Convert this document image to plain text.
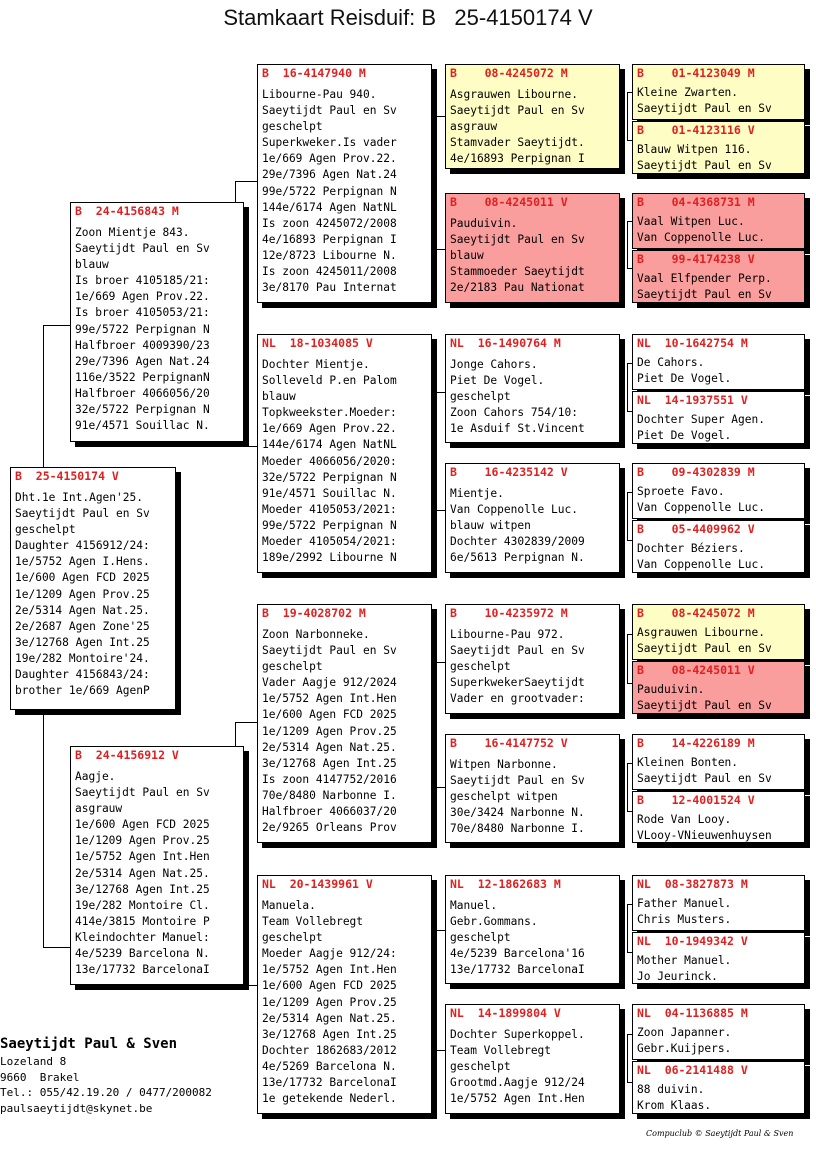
Stamkaart Reisduif: B   25-4150174 V
B  25-4150174 V
Dht.1e Int.Agen'25.
Saeytijdt Paul en Sv
geschelpt
Daughter 4156912/24:
1e/5752 Agen I.Hens.
1e/600 Agen FCD 2025
1e/1209 Agen Prov.25
2e/5314 Agen Nat.25.
2e/2687 Agen Zone'25
3e/12768 Agen Int.25
19e/282 Montoire'24.
Daughter 4156843/24:
brother 1e/669 AgenP
B  24-4156843 M
Zoon Mientje 843.
Saeytijdt Paul en Sv
blauw
Is broer 4105185/21:
1e/669 Agen Prov.22.
Is broer 4105053/21:
99e/5722 Perpignan N
Halfbroer 4009390/23
29e/7396 Agen Nat.24
116e/3522 PerpignanN
Halfbroer 4066056/20
32e/5722 Perpignan N
91e/4571 Souillac N.
B  24-4156912 V
Aagje.
Saeytijdt Paul en Sv
asgrauw
1e/600 Agen FCD 2025
1e/1209 Agen Prov.25
1e/5752 Agen Int.Hen
2e/5314 Agen Nat.25.
3e/12768 Agen Int.25
19e/282 Montoire Cl.
414e/3815 Montoire P
Kleindochter Manuel:
4e/5239 Barcelona N.
13e/17732 BarcelonaI
B  16-4147940 M
Libourne-Pau 940.
Saeytijdt Paul en Sv
geschelpt
Superkweker.Is vader
1e/669 Agen Prov.22.
29e/7396 Agen Nat.24
99e/5722 Perpignan N
144e/6174 Agen NatNL
Is zoon 4245072/2008
4e/16893 Perpignan I
12e/8723 Libourne N.
Is zoon 4245011/2008
3e/8170 Pau Internat
NL  18-1034085 V
Dochter Mientje.
Solleveld P.en Palom
blauw
Topkweekster.Moeder:
1e/669 Agen Prov.22.
144e/6174 Agen NatNL
Moeder 4066056/2020:
32e/5722 Perpignan N
91e/4571 Souillac N.
Moeder 4105053/2021:
99e/5722 Perpignan N
Moeder 4105054/2021:
189e/2992 Libourne N
B  19-4028702 M
Zoon Narbonneke.
Saeytijdt Paul en Sv
geschelpt
Vader Aagje 912/2024
1e/5752 Agen Int.Hen
1e/600 Agen FCD 2025
1e/1209 Agen Prov.25
2e/5314 Agen Nat.25.
3e/12768 Agen Int.25
Is zoon 4147752/2016
70e/8480 Narbonne I.
Halfbroer 4066037/20
2e/9265 Orleans Prov
NL  20-1439961 V
Manuela.
Team Vollebregt
geschelpt
Moeder Aagje 912/24:
1e/5752 Agen Int.Hen
1e/600 Agen FCD 2025
1e/1209 Agen Prov.25
2e/5314 Agen Nat.25.
3e/12768 Agen Int.25
Dochter 1862683/2012
4e/5269 Barcelona N.
13e/17732 BarcelonaI
1e getekende Nederl.
B    08-4245072 M
Asgrauwen Libourne.
Saeytijdt Paul en Sv
asgrauw
Stamvader Saeytijdt.
4e/16893 Perpignan I
B    08-4245011 V
Pauduivin.
Saeytijdt Paul en Sv
blauw
Stammoeder Saeytijdt
2e/2183 Pau Nationat
NL  16-1490764 M
Jonge Cahors.
Piet De Vogel.
geschelpt
Zoon Cahors 754/10:
1e Asduif St.Vincent
B    16-4235142 V
Mientje.
Van Coppenolle Luc.
blauw witpen
Dochter 4302839/2009
6e/5613 Perpignan N.
B    10-4235972 M
Libourne-Pau 972.
Saeytijdt Paul en Sv
geschelpt
SuperkwekerSaeytijdt
Vader en grootvader:
B    16-4147752 V
Witpen Narbonne.
Saeytijdt Paul en Sv
geschelpt witpen
30e/3424 Narbonne N.
70e/8480 Narbonne I.
NL  12-1862683 M
Manuel.
Gebr.Gommans.
geschelpt
4e/5239 Barcelona'16
13e/17732 BarcelonaI
NL  14-1899804 V
Dochter Superkoppel.
Team Vollebregt
geschelpt
Grootmd.Aagje 912/24
1e/5752 Agen Int.Hen
B    01-4123049 M
Kleine Zwarten.
Saeytijdt Paul en Sv
B    01-4123116 V
Blauw Witpen 116.
Saeytijdt Paul en Sv
B    04-4368731 M
Vaal Witpen Luc.
Van Coppenolle Luc.
B    99-4174238 V
Vaal Elfpender Perp.
Saeytijdt Paul en Sv
NL  10-1642754 M
De Cahors.
Piet De Vogel.
NL  14-1937551 V
Dochter Super Agen.
Piet De Vogel.
B    09-4302839 M
Sproete Favo.
Van Coppenolle Luc.
B    05-4409962 V
Dochter Béziers.
Van Coppenolle Luc.
B    08-4245072 M
Asgrauwen Libourne.
Saeytijdt Paul en Sv
B    08-4245011 V
Pauduivin.
Saeytijdt Paul en Sv
B    14-4226189 M
Kleinen Bonten.
Saeytijdt Paul en Sv
B    12-4001524 V
Rode Van Looy.
VLooy-VNieuwenhuysen
NL  08-3827873 M
Father Manuel.
Chris Musters.
NL  10-1949342 V
Mother Manuel.
Jo Jeurinck.
NL  04-1136885 M
Zoon Japanner.
Gebr.Kuijpers.
NL  06-2141488 V
88 duivin.
Krom Klaas.
Saeytijdt Paul & Sven
Lozeland 8
9660  Brakel
Tel.: 055/42.19.20 / 0477/200082
paulsaeytijdt@skynet.be
Compuclub © Saeytijdt Paul & Sven
